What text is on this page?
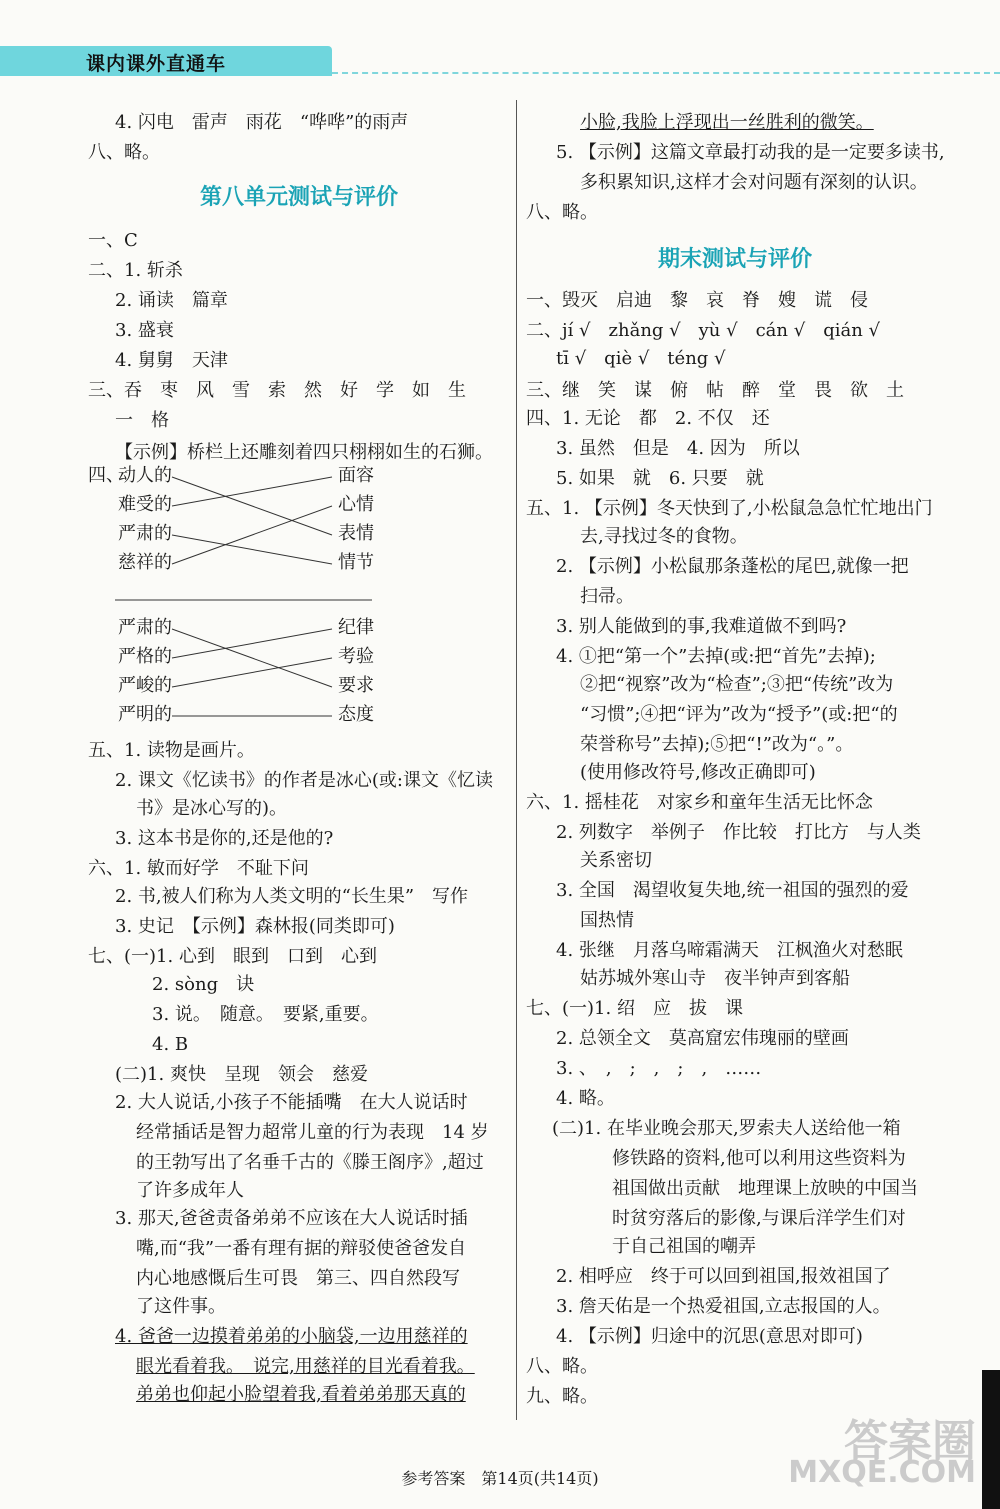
课内课外直通车
4. 闪电　雷声　雨花　“哗哗”的雨声
八、略。
第八单元测试与评价
一、C
二、1. 斩杀
2. 诵读　篇章
3. 盛衰
4. 舅舅　天津
三、吞　枣　风　雪　索　然　好　学　如　生
一　格
【示例】桥栏上还雕刻着四只栩栩如生的石狮。
四、
动人的
难受的
严肃的
慈祥的
面容
心情
表情
情节
严肃的
严格的
严峻的
严明的
纪律
考验
要求
态度
五、1. 读物是画片。
2. 课文《忆读书》的作者是冰心(或:课文《忆读
书》是冰心写的)。
3. 这本书是你的,还是他的?
六、1. 敏而好学　不耻下问
2. 书,被人们称为人类文明的“长生果”　写作
3. 史记　【示例】森林报(同类即可)
七、(一)1. 心到　眼到　口到　心到
2. sòng　诀
3. 说。　随意。　要紧,重要。
4. B
(二)1. 爽快　呈现　领会　慈爱
2. 大人说话,小孩子不能插嘴　在大人说话时
经常插话是智力超常儿童的行为表现　14 岁
的王勃写出了名垂千古的《滕王阁序》,超过
了许多成年人
3. 那天,爸爸责备弟弟不应该在大人说话时插
嘴,而“我”一番有理有据的辩驳使爸爸发自
内心地感慨后生可畏　第三、四自然段写
了这件事。
4. 爸爸一边摸着弟弟的小脑袋,一边用慈祥的
眼光看着我。　说完,用慈祥的目光看着我。
弟弟也仰起小脸望着我,看着弟弟那天真的
小脸,我脸上浮现出一丝胜利的微笑。
5. 【示例】这篇文章最打动我的是一定要多读书,
多积累知识,这样才会对问题有深刻的认识。
八、略。
期末测试与评价
一、毁灭　启迪　黎　哀　脊　嫂　谎　侵
二、jí √　zhǎng √　yù √　cán √　qián √
tī √　qiè √　téng √
三、继　笑　谋　俯　帖　醉　堂　畏　欲　土
四、1. 无论　都　2. 不仅　还
3. 虽然　但是　4. 因为　所以
5. 如果　就　6. 只要　就
五、1. 【示例】冬天快到了,小松鼠急急忙忙地出门
去,寻找过冬的食物。
2. 【示例】小松鼠那条蓬松的尾巴,就像一把
扫帚。
3. 别人能做到的事,我难道做不到吗?
4. ①把“第一个”去掉(或:把“首先”去掉);
②把“视察”改为“检查”;③把“传统”改为
“习惯”;④把“评为”改为“授予”(或:把“的
荣誉称号”去掉);⑤把“!”改为“。”。
(使用修改符号,修改正确即可)
六、1. 摇桂花　对家乡和童年生活无比怀念
2. 列数字　举例子　作比较　打比方　与人类
关系密切
3. 全国　渴望收复失地,统一祖国的强烈的爱
国热情
4. 张继　月落乌啼霜满天　江枫渔火对愁眠
姑苏城外寒山寺　夜半钟声到客船
七、(一)1. 绍　应　拔　课
2. 总领全文　莫高窟宏伟瑰丽的壁画
3. 、　,　;　,　;　,　……
4. 略。
(二)1. 在毕业晚会那天,罗索夫人送给他一箱
修铁路的资料,他可以利用这些资料为
祖国做出贡献　地理课上放映的中国当
时贫穷落后的影像,与课后洋学生们对
于自己祖国的嘲弄
2. 相呼应　终于可以回到祖国,报效祖国了
3. 詹天佑是一个热爱祖国,立志报国的人。
4. 【示例】归途中的沉思(意思对即可)
八、略。
九、略。
参考答案　第14页(共14页)
答案圈
MXQE.COM
